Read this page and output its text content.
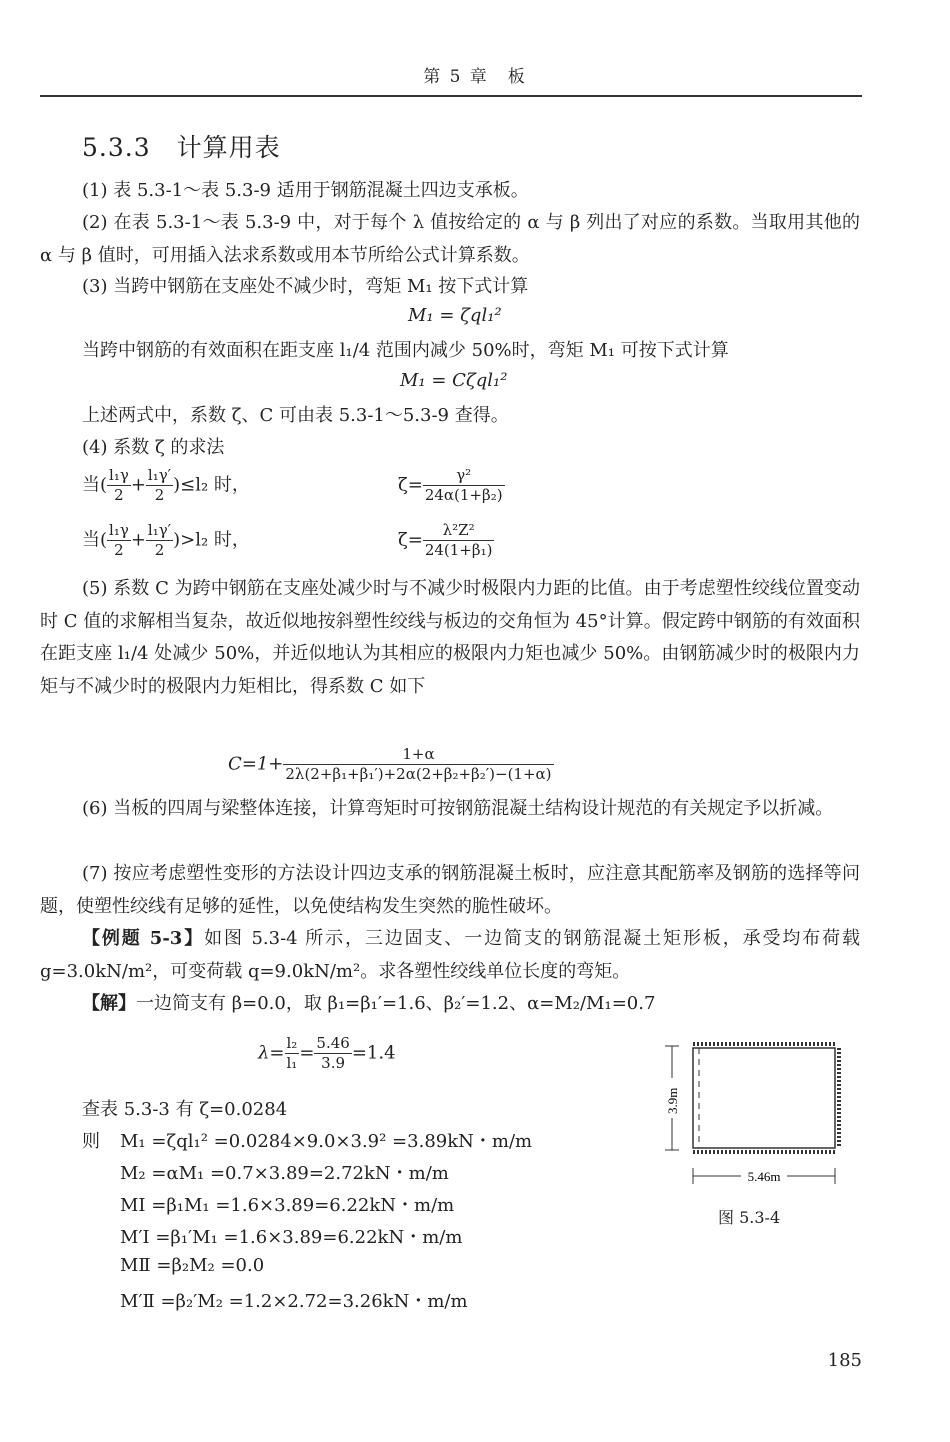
第 5 章　板
5.3.3　计算用表
(1) 表 5.3-1～表 5.3-9 适用于钢筋混凝土四边支承板。
(2) 在表 5.3-1～表 5.3-9 中，对于每个 λ 值按给定的 α 与 β 列出了对应的系数。当取用其他的 α 与 β 值时，可用插入法求系数或用本节所给公式计算系数。
(3) 当跨中钢筋在支座处不减少时，弯矩 M₁ 按下式计算
M₁ = ζql₁²
当跨中钢筋的有效面积在距支座 l₁/4 范围内减少 50%时，弯矩 M₁ 可按下式计算
M₁ = Cζql₁²
上述两式中，系数 ζ、C 可由表 5.3-1～5.3-9 查得。
(4) 系数 ζ 的求法
当( $\frac{\text{l₁γ}}{2} + \frac{\text{l₁γ′}}{2} )\le l_2$ 时，	$\zeta= \frac{\text{γ²}}{\text{24α(1+β₂)}}$
当( $\frac{\text{l₁γ}}{2} + \frac{\text{l₁γ′}}{2} )>l_2$ 时，	$\zeta= \frac{\text{λ²Z²}}{\text{24(1+β₁)}}$
(5) 系数 C 为跨中钢筋在支座处减少时与不减少时极限内力距的比值。由于考虑塑性绞线位置变动时 C 值的求解相当复杂，故近似地按斜塑性绞线与板边的交角恒为 45°计算。假定跨中钢筋的有效面积在距支座 l₁/4 处减少 50%，并近似地认为其相应的极限内力矩也减少 50%。由钢筋减少时的极限内力矩与不减少时的极限内力矩相比，得系数 C 如下
$C=1+ \frac{1+\alpha}{\text{2λ(2+β₁+β₁′)+2α(2+β₂+β₂′)−(1+α)}}$
(6) 当板的四周与梁整体连接，计算弯矩时可按钢筋混凝土结构设计规范的有关规定予以折减。
(7) 按应考虑塑性变形的方法设计四边支承的钢筋混凝土板时，应注意其配筋率及钢筋的选择等问题，使塑性绞线有足够的延性，以免使结构发生突然的脆性破坏。
【例题 5-3】如图 5.3-4 所示，三边固支、一边简支的钢筋混凝土矩形板，承受均布荷载 g=3.0kN/m²，可变荷载 q=9.0kN/m²。求各塑性绞线单位长度的弯矩。
【解】一边简支有 β=0.0，取 β₁=β₁′=1.6、β₂′=1.2、α=M₂/M₁=0.7
$\lambda= \frac{\text{l₂}}{\text{l₁}} = \frac{5.46}{3.9} =1.4$
查表 5.3-3 有 ζ=0.0284
则 M₁ =ζql₁² =0.0284×9.0×3.9² =3.89kN・m/m
M₂ =αM₁ =0.7×3.89=2.72kN・m/m
MⅠ =β₁M₁ =1.6×3.89=6.22kN・m/m
M′Ⅰ =β₁′M₁ =1.6×3.89=6.22kN・m/m
MⅡ =β₂M₂ =0.0
M′Ⅱ =β₂′M₂ =1.2×2.72=3.26kN・m/m
3.9m
5.46m
图 5.3-4
185
